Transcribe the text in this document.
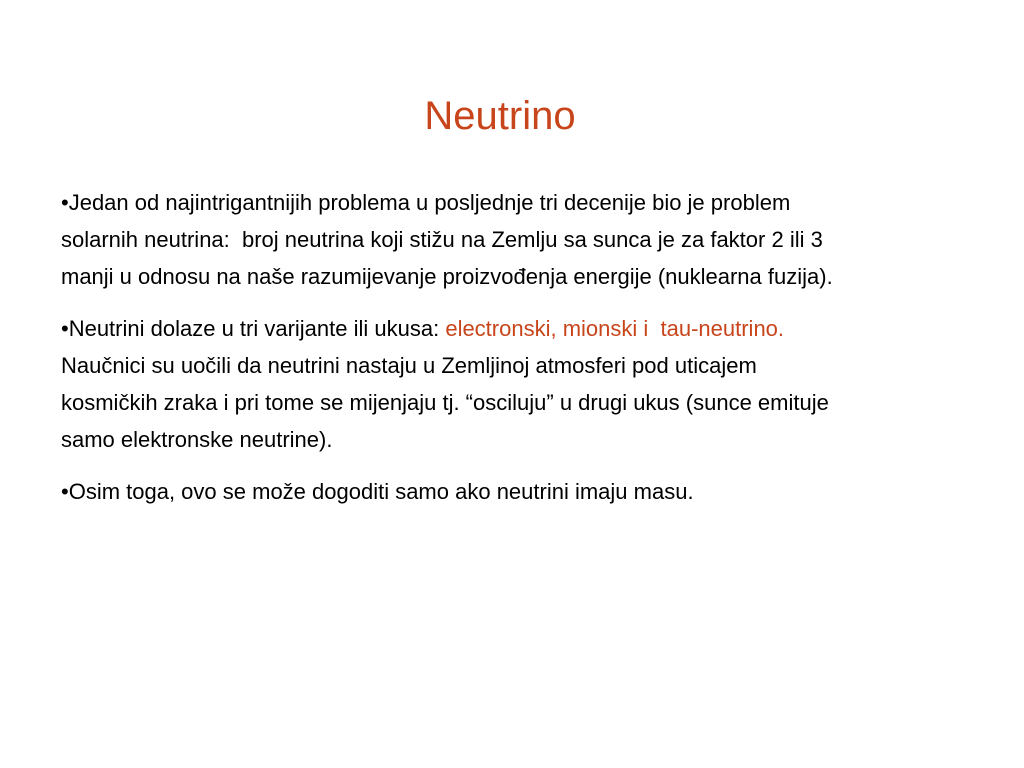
Neutrino

•Jedan od najintrigantnijih problema u posljednje tri decenije bio je problem
solarnih neutrina:  broj neutrina koji stižu na Zemlju sa sunca je za faktor 2 ili 3
manji u odnosu na naše razumijevanje proizvođenja energije (nuklearna fuzija).

•Neutrini dolaze u tri varijante ili ukusa: electronski, mionski i  tau-neutrino.
Naučnici su uočili da neutrini nastaju u Zemljinoj atmosferi pod uticajem
kosmičkih zraka i pri tome se mijenjaju tj. “osciluju” u drugi ukus (sunce emituje
samo elektronske neutrine).

•Osim toga, ovo se može dogoditi samo ako neutrini imaju masu.
